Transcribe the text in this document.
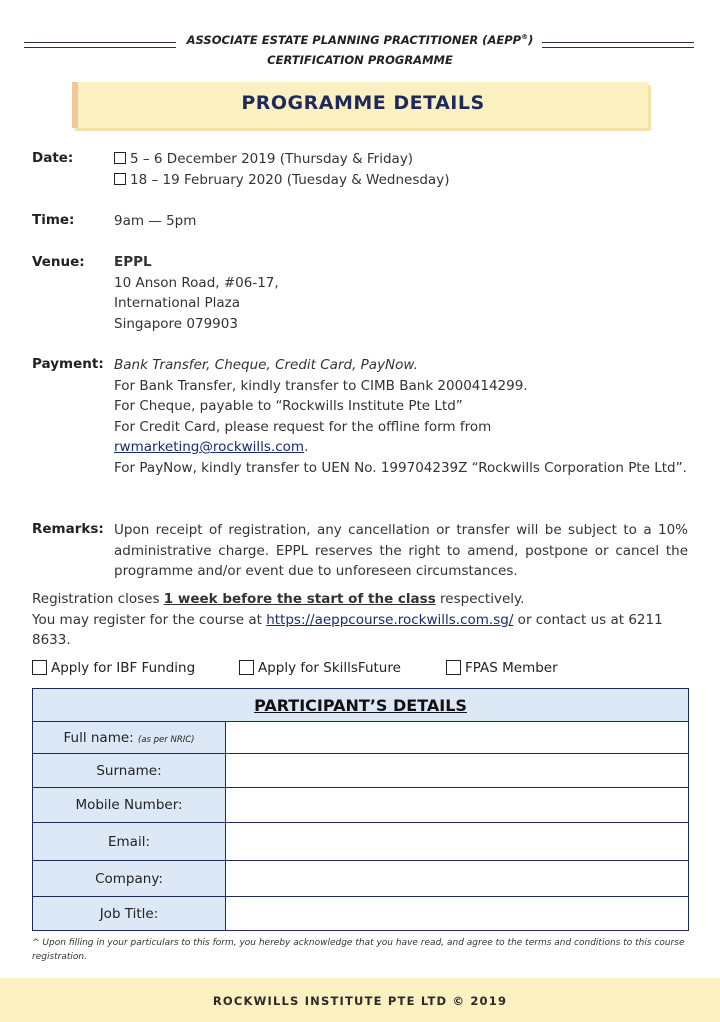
ASSOCIATE ESTATE PLANNING PRACTITIONER (AEPP®)
CERTIFICATION PROGRAMME
PROGRAMME DETAILS
Date:	5 – 6 December 2019 (Thursday & Friday)
18 – 19 February 2020 (Tuesday & Wednesday)
Time:	9am — 5pm
Venue: EPPL
10 Anson Road, #06-17,
International Plaza
Singapore 079903
Payment: Bank Transfer, Cheque, Credit Card, PayNow.
For Bank Transfer, kindly transfer to CIMB Bank 2000414299.
For Cheque, payable to “Rockwills Institute Pte Ltd”
For Credit Card, please request for the offline form from
rwmarketing@rockwills.com.
For PayNow, kindly transfer to UEN No. 199704239Z “Rockwills Corporation Pte Ltd”.
Remarks: Upon receipt of registration, any cancellation or transfer will be subject to a 10% administrative charge. EPPL reserves the right to amend, postpone or cancel the programme and/or event due to unforeseen circumstances.
Registration closes 1 week before the start of the class respectively.
You may register for the course at https://aeppcourse.rockwills.com.sg/ or contact us at 6211 8633.
Apply for IBF Funding	Apply for SkillsFuture	FPAS Member
PARTICIPANT’S DETAILS	
Full name: (as per NRIC)	
Surname:	
Mobile Number:	
Email:	
Company:	
Job Title:	
^ Upon filling in your particulars to this form, you hereby acknowledge that you have read, and agree to the terms and conditions to this course registration.
ROCKWILLS INSTITUTE PTE LTD © 2019
